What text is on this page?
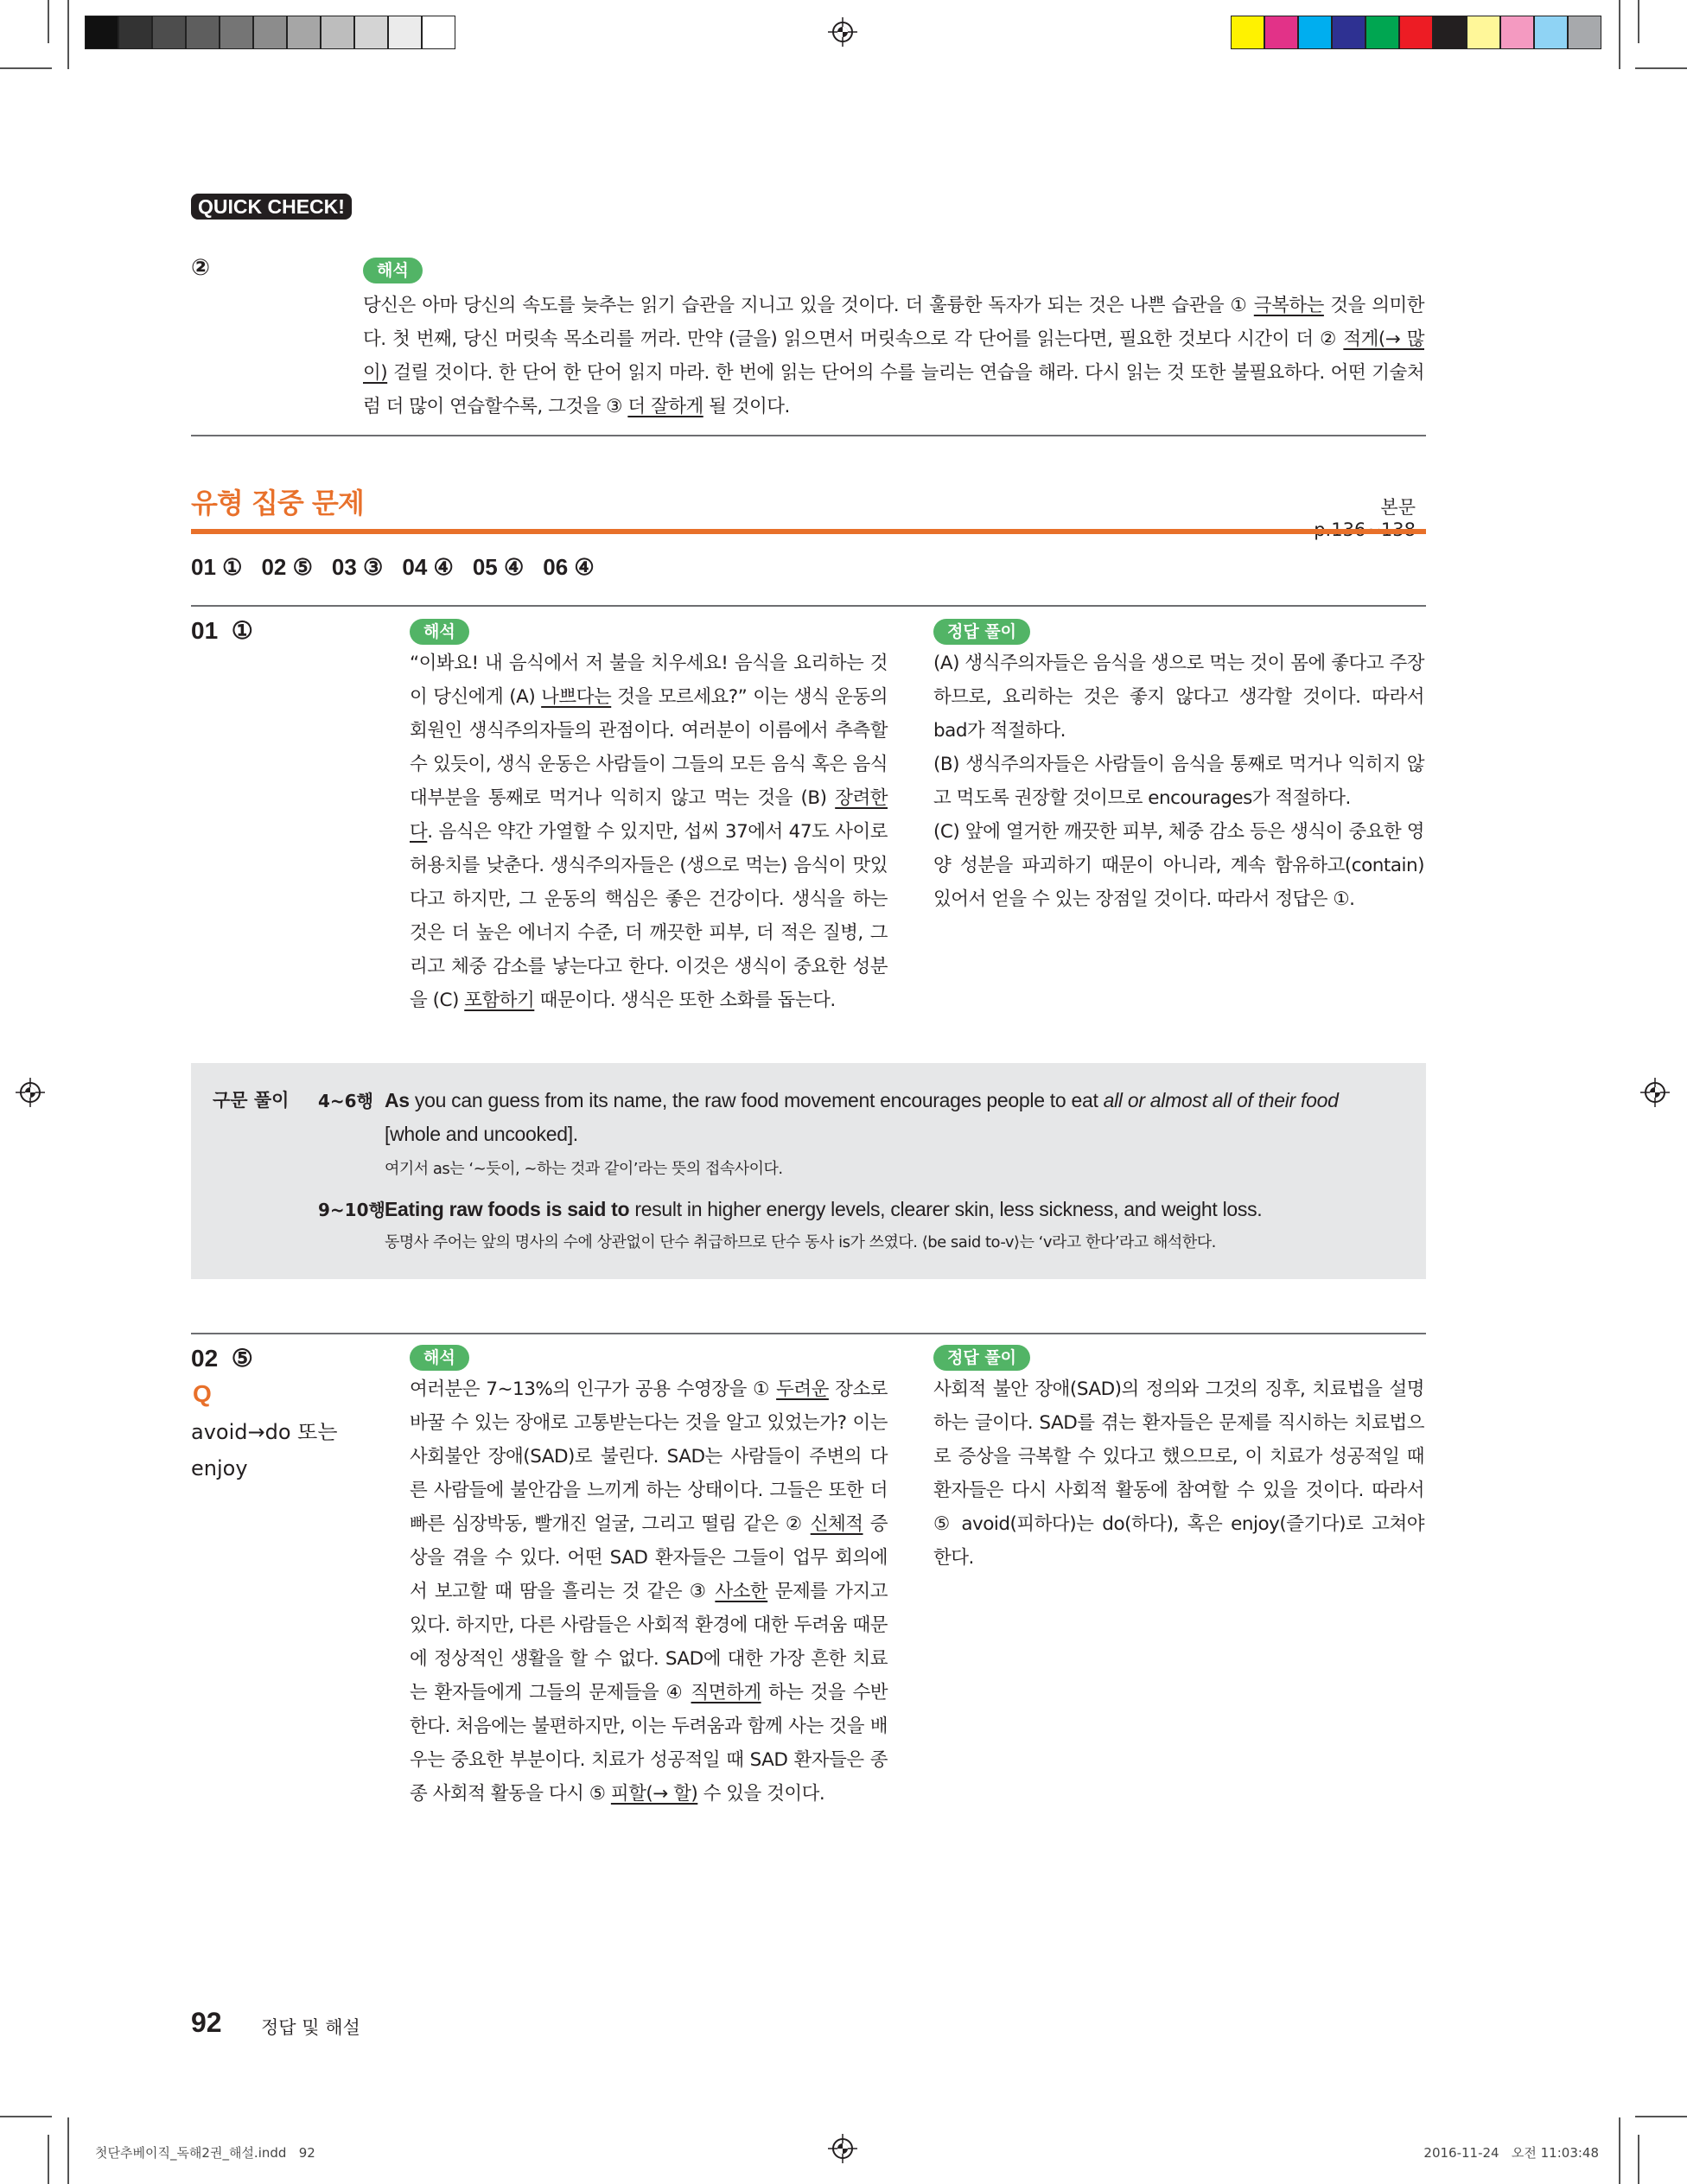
QUICK CHECK!
②	해석
당신은 아마 당신의 속도를 늦추는 읽기 습관을 지니고 있을 것이다. 더 훌륭한 독자가 되는 것은 나쁜 습관을 ① 극복하는 것을 의미한다. 첫 번째, 당신 머릿속 목소리를 꺼라. 만약 (글을) 읽으면서 머릿속으로 각 단어를 읽는다면, 필요한 것보다 시간이 더 ② 적게(→ 많이) 걸릴 것이다. 한 단어 한 단어 읽지 마라. 한 번에 읽는 단어의 수를 늘리는 연습을 해라. 다시 읽는 것 또한 불필요하다. 어떤 기술처럼 더 많이 연습할수록, 그것을 ③ 더 잘하게 될 것이다.
유형 집중 문제	본문
01 ① 02 ⑤ 03 ③ 04 ④ 05 ④ 06 ④
01  ①	해석	정답 풀이
“이봐요! 내 음식에서 저 불을 치우세요! 음식을 요리하는 것이 당신에게 (A) 나쁘다는 것을 모르세요?” 이는 생식 운동의 회원인 생식주의자들의 관점이다. 여러분이 이름에서 추측할 수 있듯이, 생식 운동은 사람들이 그들의 모든 음식 혹은 음식 대부분을 통째로 먹거나 익히지 않고 먹는 것을 (B) 장려한다. 음식은 약간 가열할 수 있지만, 섭씨 37에서 47도 사이로 허용치를 낮춘다. 생식주의자들은 (생으로 먹는) 음식이 맛있다고 하지만, 그 운동의 핵심은 좋은 건강이다. 생식을 하는 것은 더 높은 에너지 수준, 더 깨끗한 피부, 더 적은 질병, 그리고 체중 감소를 낳는다고 한다. 이것은 생식이 중요한 성분을 (C) 포함하기 때문이다. 생식은 또한 소화를 돕는다.
(A) 생식주의자들은 음식을 생으로 먹는 것이 몸에 좋다고 주장하므로, 요리하는 것은 좋지 않다고 생각할 것이다. 따라서 bad가 적절하다.
(B) 생식주의자들은 사람들이 음식을 통째로 먹거나 익히지 않고 먹도록 권장할 것이므로 encourages가 적절하다.
(C) 앞에 열거한 깨끗한 피부, 체중 감소 등은 생식이 중요한 영양 성분을 파괴하기 때문이 아니라, 계속 함유하고(contain) 있어서 얻을 수 있는 장점일 것이다. 따라서 정답은 ①.
구문 풀이 4~6행 As you can guess from its name, the raw food movement encourages people to eat all or almost all of their food
[whole and uncooked].
여기서 as는 ‘~듯이, ~하는 것과 같이’라는 뜻의 접속사이다.
9~10행 Eating raw foods is said to result in higher energy levels, clearer skin, less sickness, and weight loss.
동명사 주어는 앞의 명사의 수에 상관없이 단수 취급하므로 단수 동사 is가 쓰였다. ⟨be said to-v⟩는 ‘v라고 한다’라고 해석한다.
02  ⑤
Q
avoid→do 또는 enjoy
해석	정답 풀이
여러분은 7~13%의 인구가 공용 수영장을 ① 두려운 장소로 바꿀 수 있는 장애로 고통받는다는 것을 알고 있었는가? 이는 사회불안 장애(SAD)로 불린다. SAD는 사람들이 주변의 다른 사람들에 불안감을 느끼게 하는 상태이다. 그들은 또한 더 빠른 심장박동, 빨개진 얼굴, 그리고 떨림 같은 ② 신체적 증상을 겪을 수 있다. 어떤 SAD 환자들은 그들이 업무 회의에서 보고할 때 땀을 흘리는 것 같은 ③ 사소한 문제를 가지고 있다. 하지만, 다른 사람들은 사회적 환경에 대한 두려움 때문에 정상적인 생활을 할 수 없다. SAD에 대한 가장 흔한 치료는 환자들에게 그들의 문제들을 ④ 직면하게 하는 것을 수반한다. 처음에는 불편하지만, 이는 두려움과 함께 사는 것을 배우는 중요한 부분이다. 치료가 성공적일 때 SAD 환자들은 종종 사회적 활동을 다시 ⑤ 피할(→ 할) 수 있을 것이다.
사회적 불안 장애(SAD)의 정의와 그것의 징후, 치료법을 설명하는 글이다. SAD를 겪는 환자들은 문제를 직시하는 치료법으로 증상을 극복할 수 있다고 했으므로, 이 치료가 성공적일 때 환자들은 다시 사회적 활동에 참여할 수 있을 것이다. 따라서 ⑤ avoid(피하다)는 do(하다), 혹은 enjoy(즐기다)로 고쳐야 한다.
92 정답 및 해설
첫단추베이직_독해2권_해설.indd   92	2016-11-24   오전 11:03:48
